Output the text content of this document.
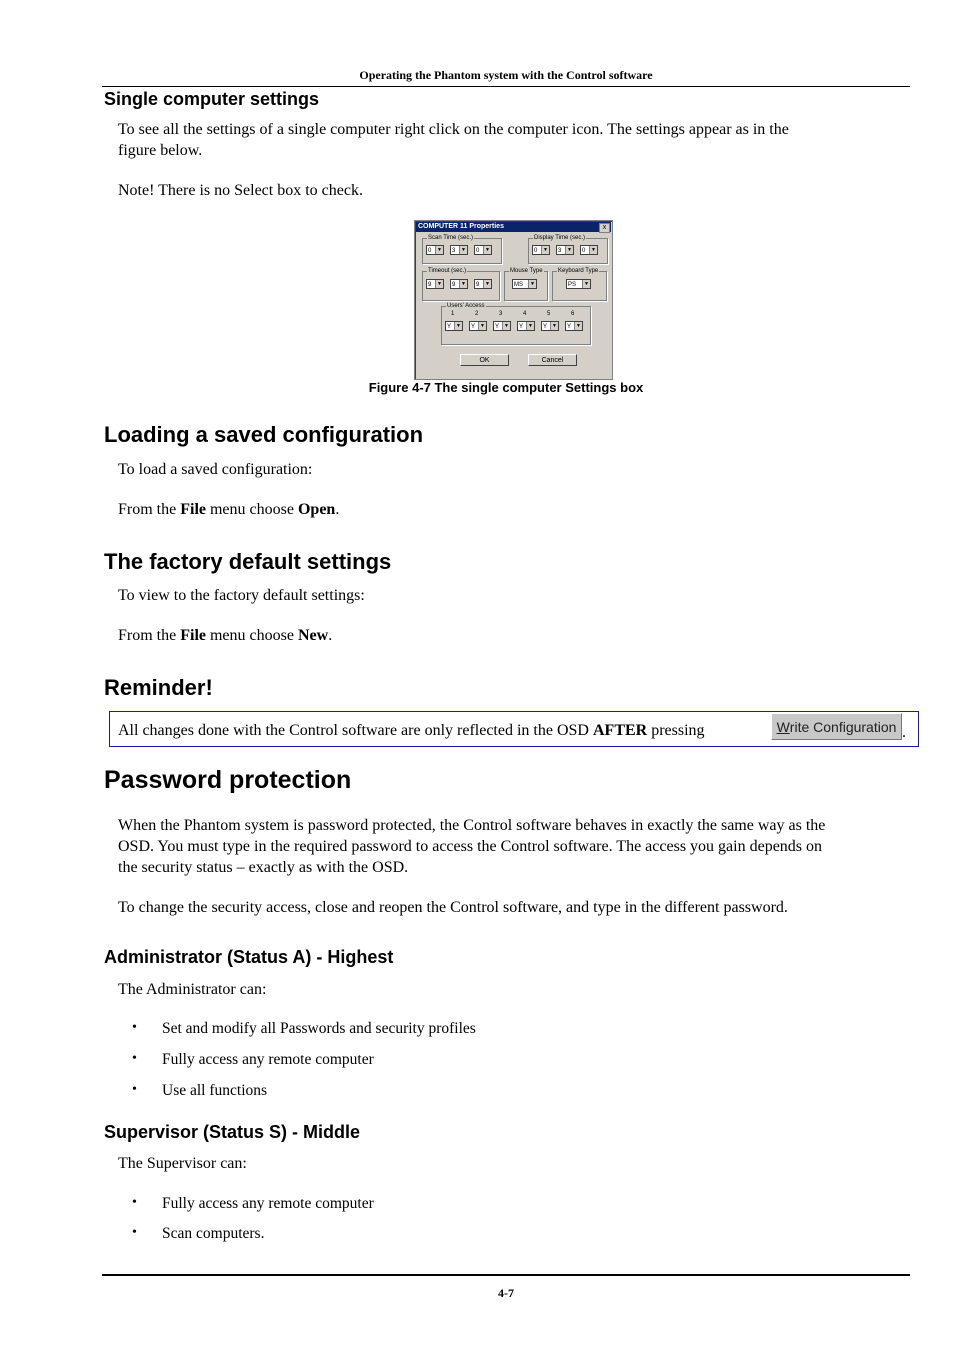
Operating the Phantom system with the Control software
Single computer settings
To see all the settings of a single computer right click on the computer icon. The settings appear as in the
figure below.
Note! There is no Select box to check.
COMPUTER 11 Properties	x
Scan Time (sec.)
0	▼	3	▼	0	▼
Display Time (sec.)
0	▼	3	▼	0	▼
Timeout (sec.)
9	▼	9	▼	9	▼
Mouse Type
MS	▼
Keyboard Type
PS	▼
Users' Access
1	2	3	4	5	6
Y	▼	Y	▼	Y	▼	Y	▼	Y	▼	Y	▼
OK	Cancel
Figure 4-7 The single computer Settings box
Loading a saved configuration
To load a saved configuration:
From the File menu choose Open.
The factory default settings
To view to the factory default settings:
From the File menu choose New.
Reminder!
All changes done with the Control software are only reflected in the OSD AFTER pressing	W rite Configuration .
Password protection
When the Phantom system is password protected, the Control software behaves in exactly the same way as the
OSD. You must type in the required password to access the Control software. The access you gain depends on
the security status – exactly as with the OSD.
To change the security access, close and reopen the Control software, and type in the different password.
Administrator (Status A) - Highest
The Administrator can:
• Set and modify all Passwords and security profiles
• Fully access any remote computer
• Use all functions
Supervisor (Status S) - Middle
The Supervisor can:
• Fully access any remote computer
• Scan computers.
4-7
